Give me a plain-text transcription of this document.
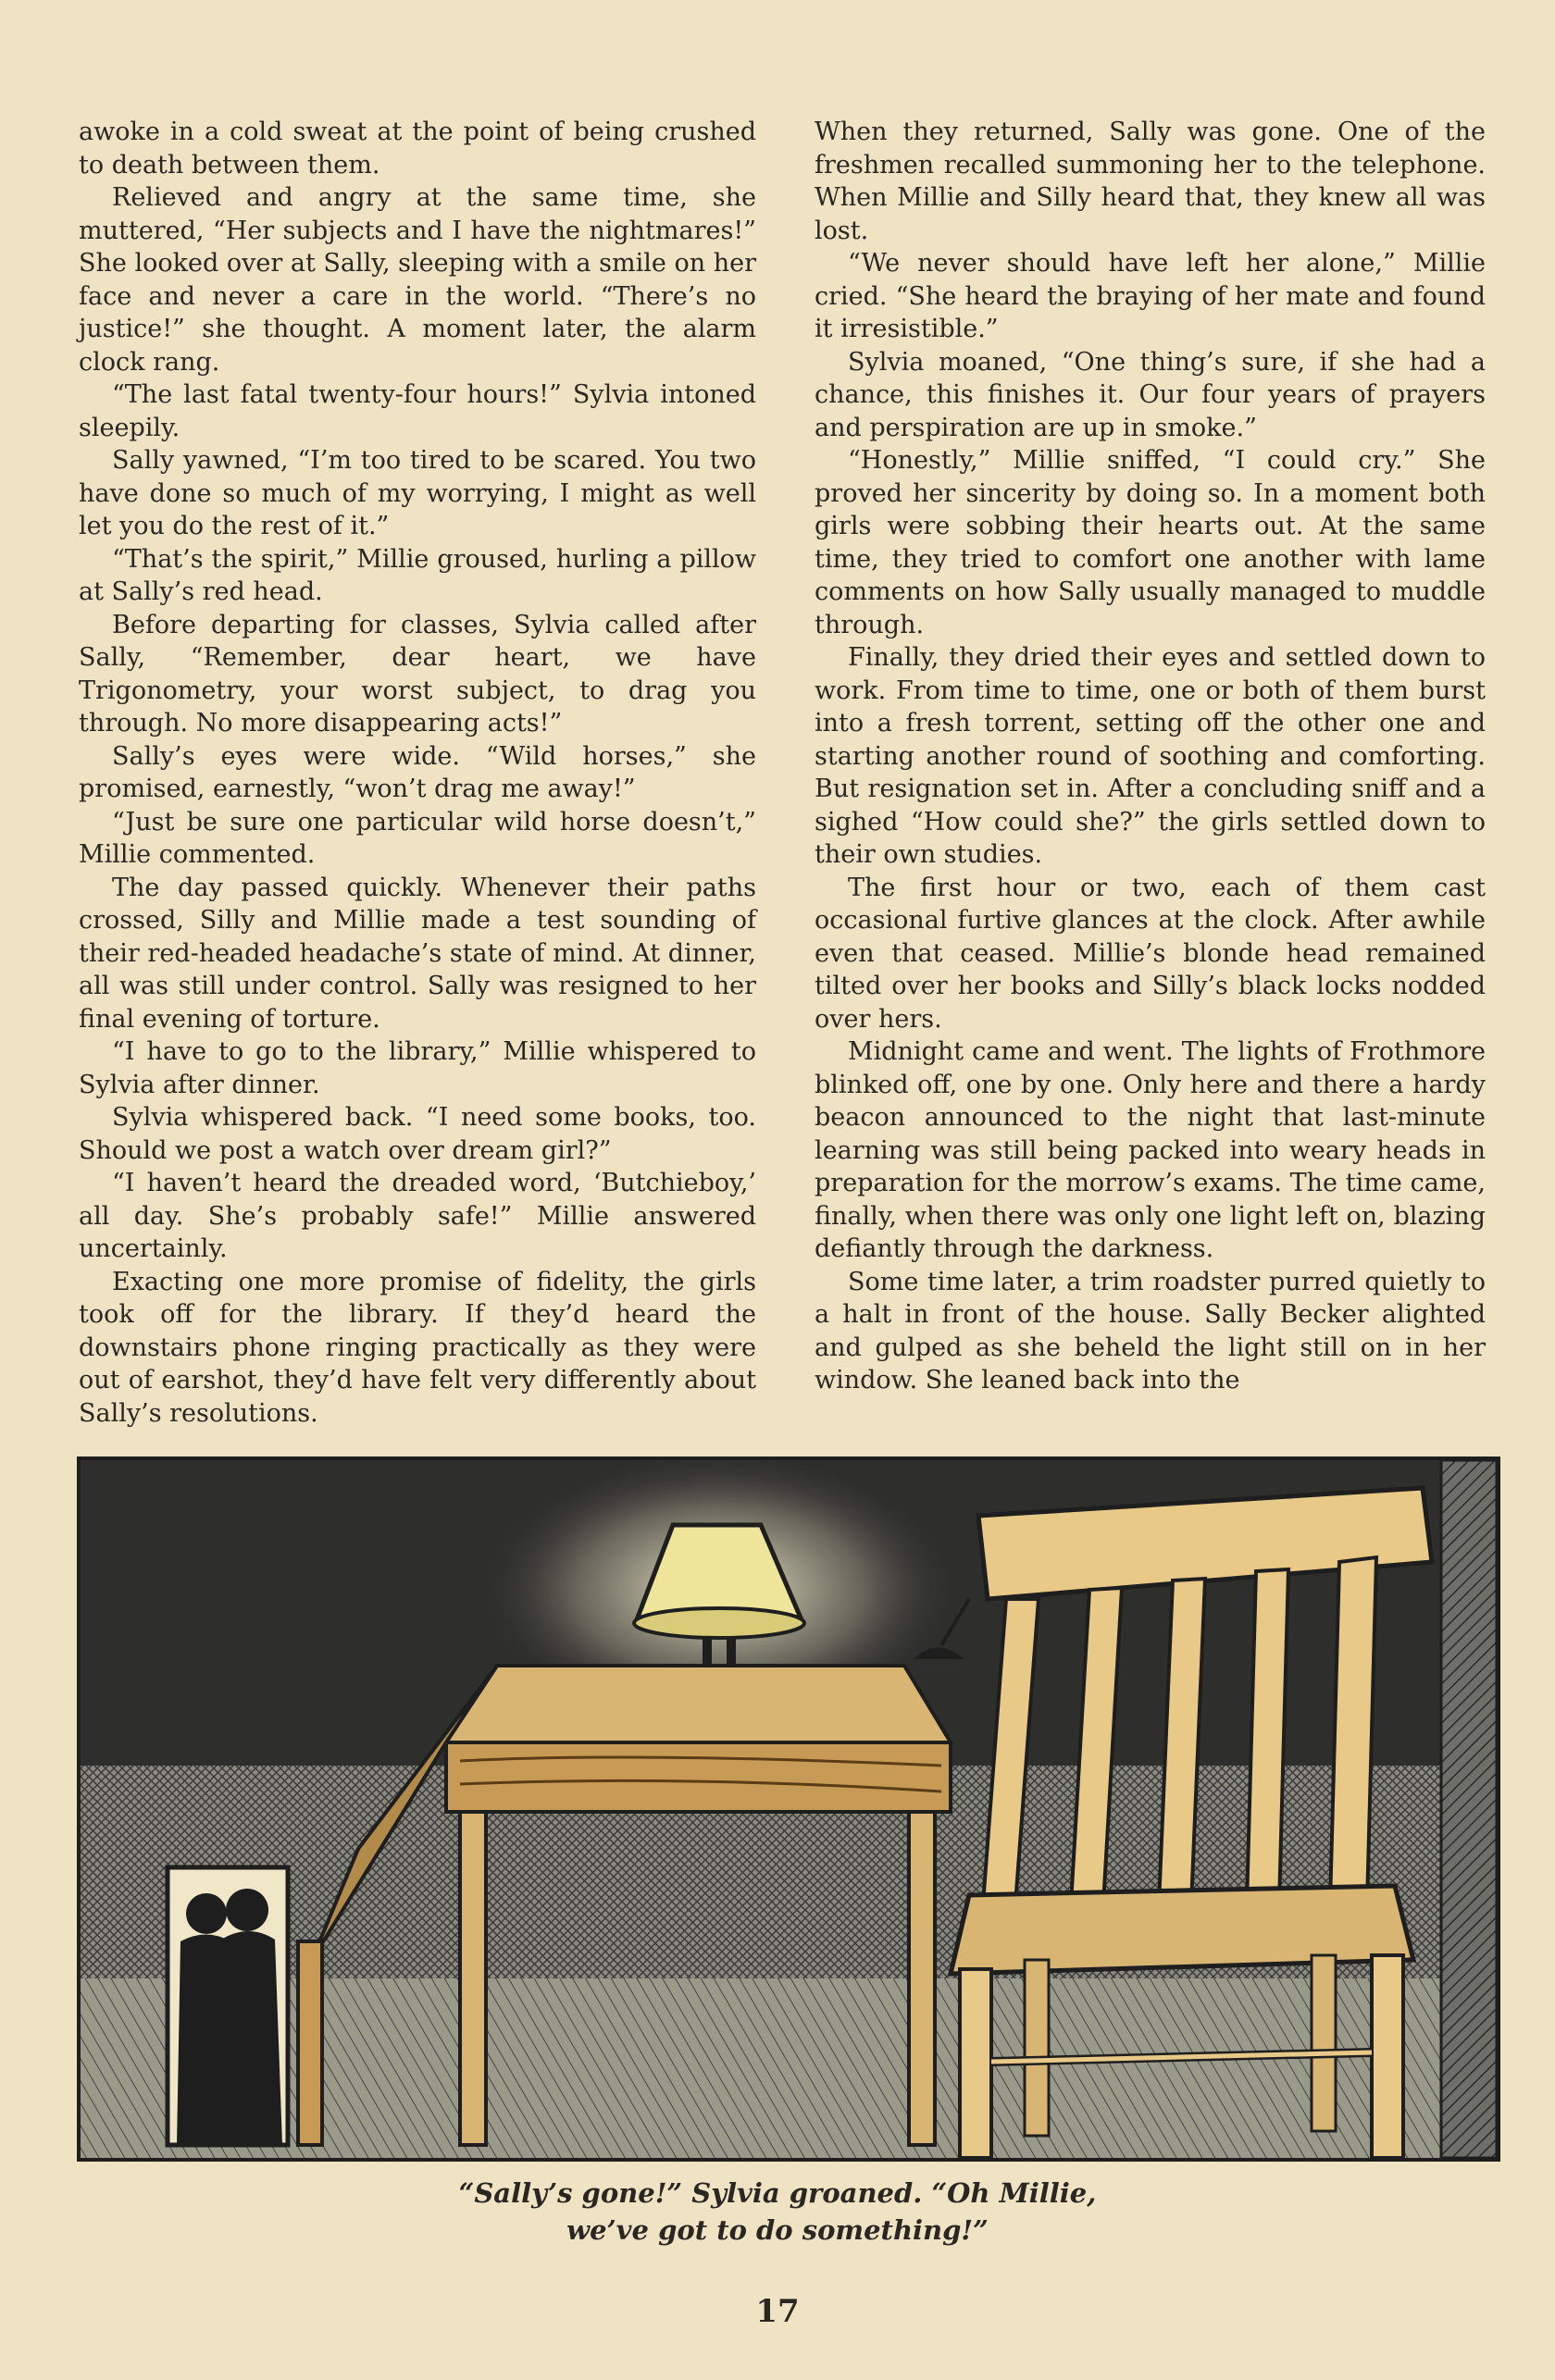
awoke in a cold sweat at the point of being crushed to death between them.

Relieved and angry at the same time, she muttered, “Her subjects and I have the nightmares!” She looked over at Sally, sleeping with a smile on her face and never a care in the world. “There’s no justice!” she thought. A moment later, the alarm clock rang.

“The last fatal twenty-four hours!” Sylvia intoned sleepily.

Sally yawned, “I’m too tired to be scared. You two have done so much of my worrying, I might as well let you do the rest of it.”

“That’s the spirit,” Millie groused, hurling a pillow at Sally’s red head.

Before departing for classes, Sylvia called after Sally, “Remember, dear heart, we have Trigonometry, your worst subject, to drag you through. No more disappearing acts!”

Sally’s eyes were wide. “Wild horses,” she promised, earnestly, “won’t drag me away!”

“Just be sure one particular wild horse doesn’t,” Millie commented.

The day passed quickly. Whenever their paths crossed, Silly and Millie made a test sounding of their red-headed headache’s state of mind. At dinner, all was still under control. Sally was resigned to her final evening of torture.

“I have to go to the library,” Millie whispered to Sylvia after dinner.

Sylvia whispered back. “I need some books, too. Should we post a watch over dream girl?”

“I haven’t heard the dreaded word, ‘Butchieboy,’ all day. She’s probably safe!” Millie answered uncertainly.

Exacting one more promise of fidelity, the girls took off for the library. If they’d heard the downstairs phone ringing practically as they were out of earshot, they’d have felt very differently about Sally’s resolutions.

When they returned, Sally was gone. One of the freshmen recalled summoning her to the telephone. When Millie and Silly heard that, they knew all was lost.

“We never should have left her alone,” Millie cried. “She heard the braying of her mate and found it irresistible.”

Sylvia moaned, “One thing’s sure, if she had a chance, this finishes it. Our four years of prayers and perspiration are up in smoke.”

“Honestly,” Millie sniffed, “I could cry.” She proved her sincerity by doing so. In a moment both girls were sobbing their hearts out. At the same time, they tried to comfort one another with lame comments on how Sally usually managed to muddle through.

Finally, they dried their eyes and settled down to work. From time to time, one or both of them burst into a fresh torrent, setting off the other one and starting another round of soothing and comforting. But resignation set in. After a concluding sniff and a sighed “How could she?” the girls settled down to their own studies.

The first hour or two, each of them cast occasional furtive glances at the clock. After awhile even that ceased. Millie’s blonde head remained tilted over her books and Silly’s black locks nodded over hers.

Midnight came and went. The lights of Frothmore blinked off, one by one. Only here and there a hardy beacon announced to the night that last-minute learning was still being packed into weary heads in preparation for the morrow’s exams. The time came, finally, when there was only one light left on, blazing defiantly through the darkness.

Some time later, a trim roadster purred quietly to a halt in front of the house. Sally Becker alighted and gulped as she beheld the light still on in her window. She leaned back into the

“Sally’s gone!” Sylvia groaned. “Oh Millie,
we’ve got to do something!”
17
